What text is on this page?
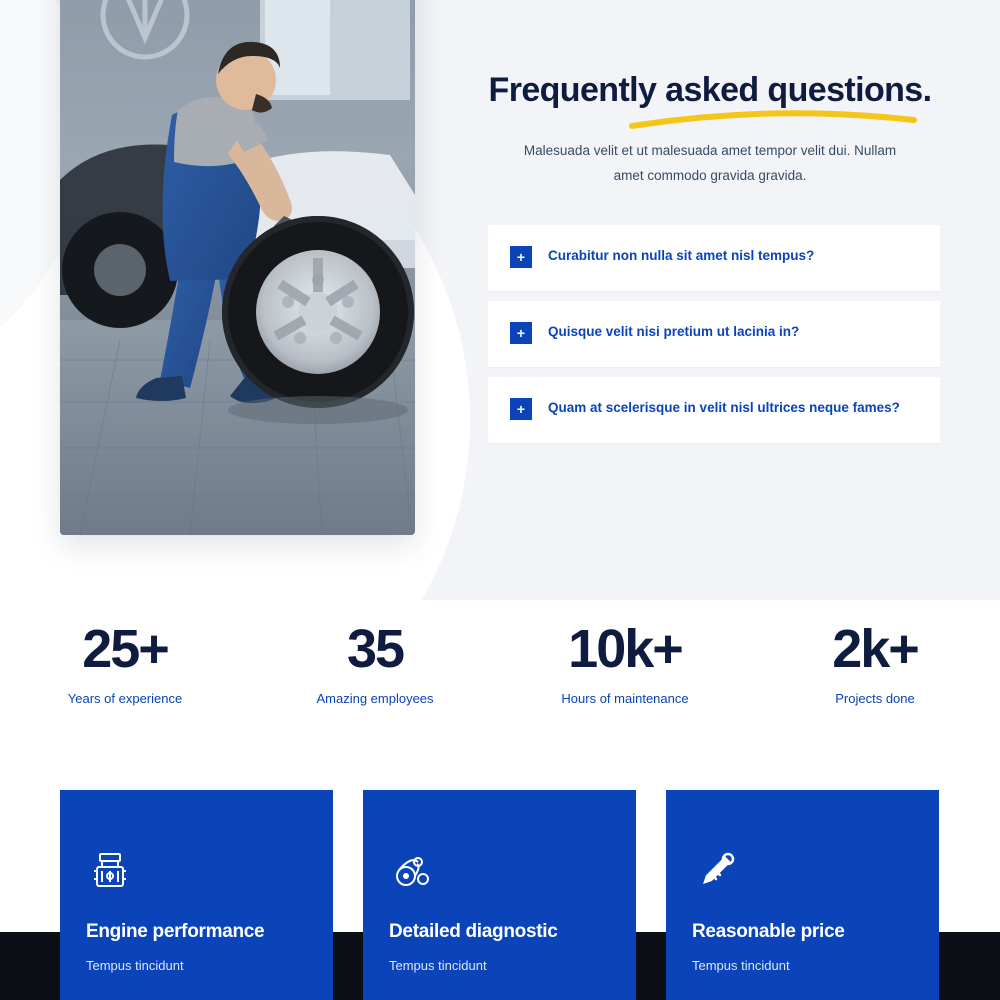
Frequently asked questions.

Malesuada velit et ut malesuada amet tempor velit dui. Nullam amet commodo gravida gravida.

+	Curabitur non nulla sit amet nisl tempus?
+	Quisque velit nisi pretium ut lacinia in?
+	Quam at scelerisque in velit nisl ultrices neque fames?
25+
Years of experience
35
Amazing employees
10k+
Hours of maintenance
2k+
Projects done
Engine performance
Tempus tincidunt
Detailed diagnostic
Tempus tincidunt
Reasonable price
Tempus tincidunt
